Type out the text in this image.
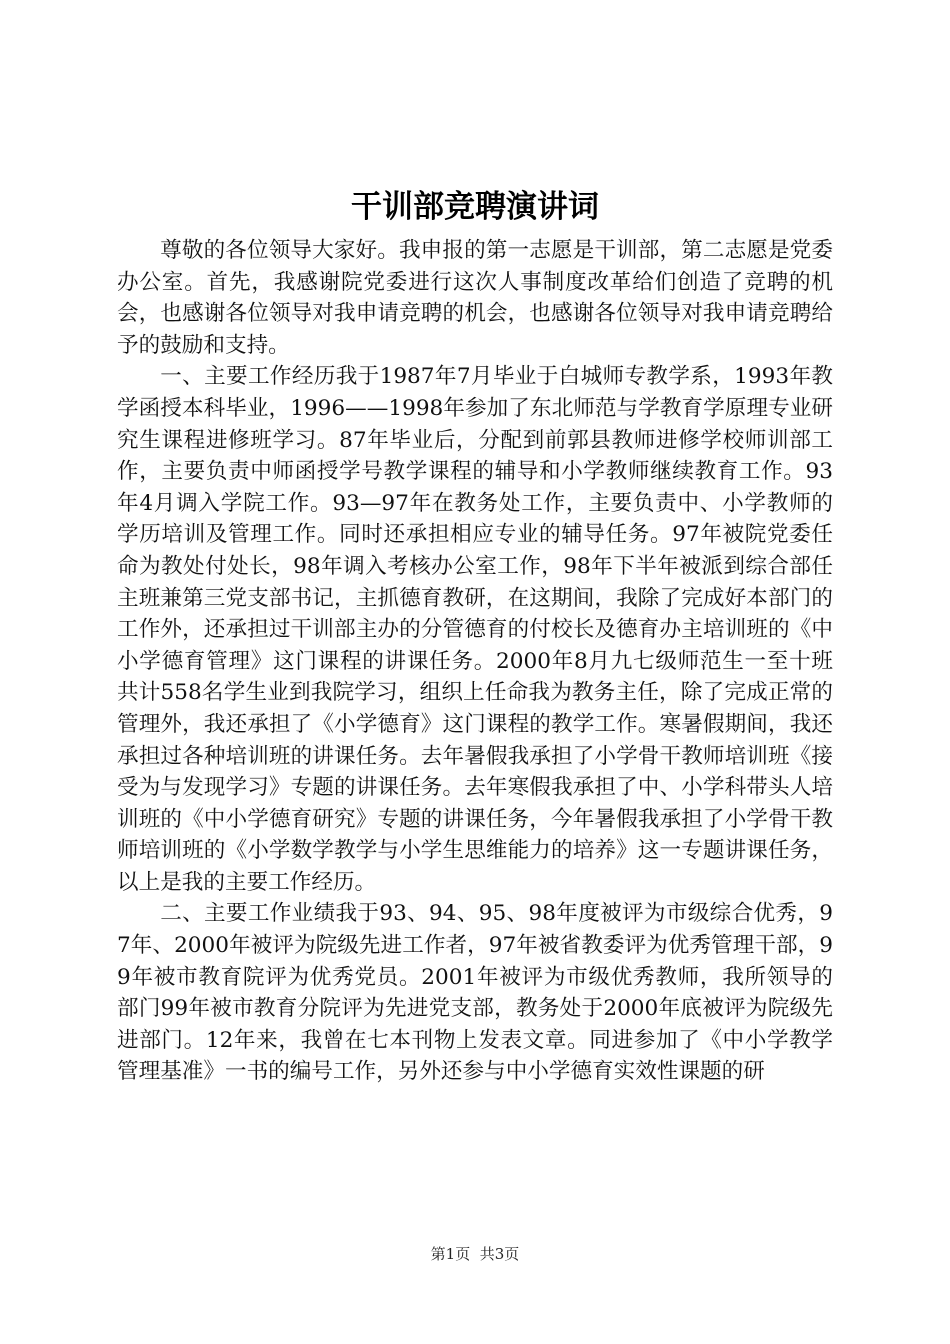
干训部竞聘演讲词

尊敬的各位领导大家好。我申报的第一志愿是干训部，第二志愿是党委办公室。首先，我感谢院党委进行这次人事制度改革给们创造了竞聘的机会，也感谢各位领导对我申请竞聘的机会，也感谢各位领导对我申请竞聘给予的鼓励和支持。

一、主要工作经历我于1987年7月毕业于白城师专教学系，1993年教学函授本科毕业，1996——1998年参加了东北师范与学教育学原理专业研究生课程进修班学习。87年毕业后，分配到前郭县教师进修学校师训部工作，主要负责中师函授学号教学课程的辅导和小学教师继续教育工作。93年4月调入学院工作。93—97年在教务处工作，主要负责中、小学教师的学历培训及管理工作。同时还承担相应专业的辅导任务。97年被院党委任命为教处付处长，98年调入考核办公室工作，98年下半年被派到综合部任主班兼第三党支部书记，主抓德育教研，在这期间，我除了完成好本部门的工作外，还承担过干训部主办的分管德育的付校长及德育办主培训班的《中小学德育管理》这门课程的讲课任务。2000年8月九七级师范生一至十班共计558名学生业到我院学习，组织上任命我为教务主任，除了完成正常的管理外，我还承担了《小学德育》这门课程的教学工作。寒暑假期间，我还承担过各种培训班的讲课任务。去年暑假我承担了小学骨干教师培训班《接受为与发现学习》专题的讲课任务。去年寒假我承担了中、小学科带头人培训班的《中小学德育研究》专题的讲课任务，今年暑假我承担了小学骨干教师培训班的《小学数学教学与小学生思维能力的培养》这一专题讲课任务，以上是我的主要工作经历。

二、主要工作业绩我于93、94、95、98年度被评为市级综合优秀，97年、2000年被评为院级先进工作者，97年被省教委评为优秀管理干部，99年被市教育院评为优秀党员。2001年被评为市级优秀教师，我所领导的部门99年被市教育分院评为先进党支部，教务处于2000年底被评为院级先进部门。12年来，我曾在七本刊物上发表文章。同进参加了《中小学教学管理基准》一书的编号工作，另外还参与中小学德育实效性课题的研

第1页 共3页
